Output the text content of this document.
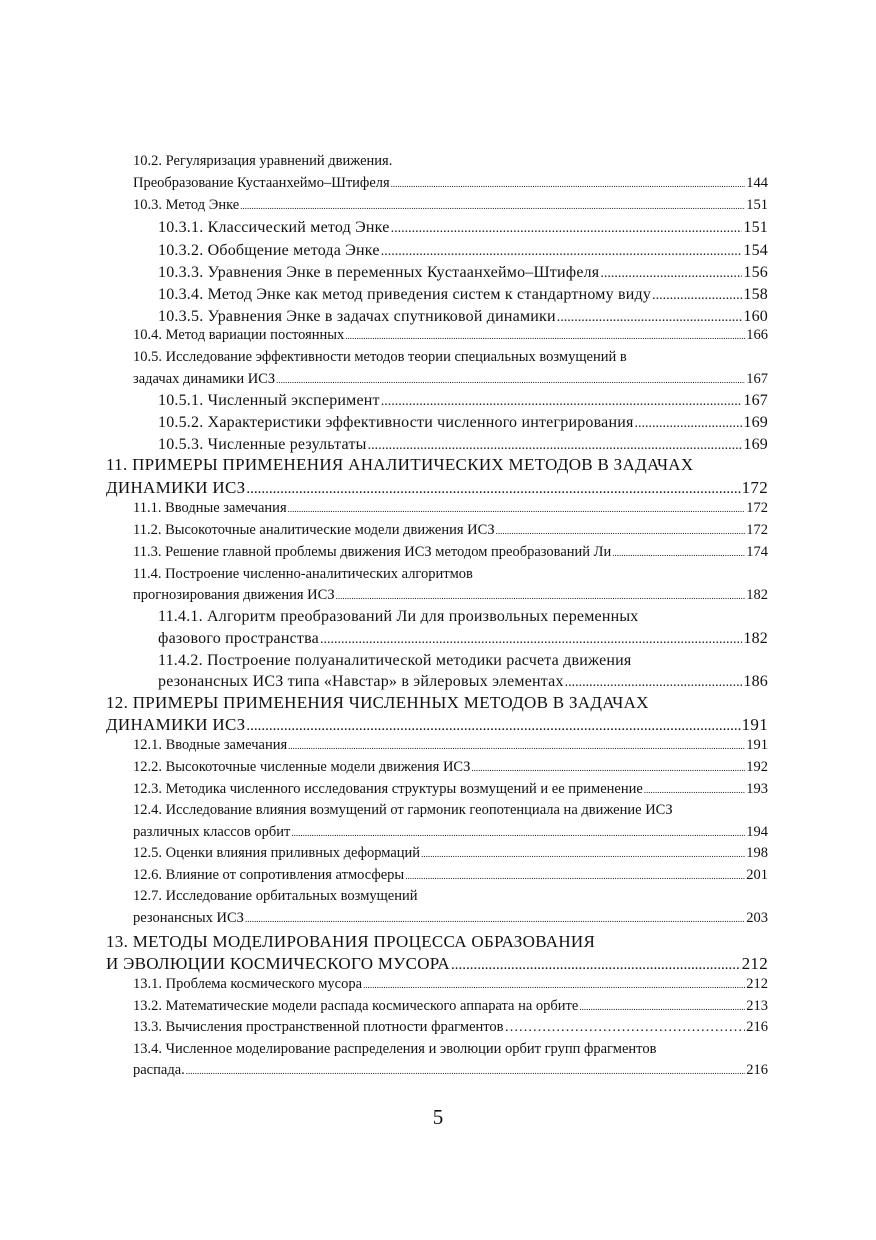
10.2. Регуляризация уравнений движения.
Преобразование Кустаанхеймо–Штифеля .....	144
10.3. Метод Энке .....	151
10.3.1. Классический метод Энке .....	151
10.3.2. Обобщение метода Энке .....	154
10.3.3. Уравнения Энке в переменных Кустаанхеймо–Штифеля .....	156
10.3.4. Метод Энке как метод приведения систем к стандартному виду .....	158
10.3.5. Уравнения Энке в задачах спутниковой динамики .....	160
10.4. Метод вариации постоянных .....	166
10.5. Исследование эффективности методов теории специальных возмущений в
задачах динамики ИСЗ .....	167
10.5.1. Численный эксперимент .....	167
10.5.2. Характеристики эффективности численного интегрирования .....	169
10.5.3. Численные результаты .....	169
11. ПРИМЕРЫ ПРИМЕНЕНИЯ АНАЛИТИЧЕСКИХ МЕТОДОВ В ЗАДАЧАХ
ДИНАМИКИ ИСЗ .....	172
11.1. Вводные замечания .....	172
11.2. Высокоточные аналитические модели движения ИСЗ .....	172
11.3. Решение главной проблемы движения ИСЗ методом преобразований Ли .....	174
11.4. Построение численно-аналитических алгоритмов
прогнозирования движения ИСЗ .....	182
11.4.1. Алгоритм преобразований Ли для произвольных переменных
фазового пространства .....	182
11.4.2. Построение полуаналитической методики расчета движения
резонансных ИСЗ типа «Навстар» в эйлеровых элементах .....	186
12. ПРИМЕРЫ ПРИМЕНЕНИЯ ЧИСЛЕННЫХ МЕТОДОВ В ЗАДАЧАХ
ДИНАМИКИ ИСЗ .....	191
12.1. Вводные замечания .....	191
12.2. Высокоточные численные модели движения ИСЗ .....	192
12.3. Методика численного исследования структуры возмущений и ее применение .....	193
12.4. Исследование влияния возмущений от гармоник геопотенциала на движение ИСЗ
различных классов орбит .....	194
12.5. Оценки влияния приливных деформаций .....	198
12.6. Влияние от сопротивления атмосферы .....	201
12.7. Исследование орбитальных возмущений
резонансных ИСЗ .....	203
13. МЕТОДЫ МОДЕЛИРОВАНИЯ ПРОЦЕССА ОБРАЗОВАНИЯ
И ЭВОЛЮЦИИ КОСМИЧЕСКОГО МУСОРА .....	212
13.1. Проблема космического мусора .....	212
13.2. Математические модели распада космического аппарата на орбите .....	213
13.3. Вычисления пространственной плотности фрагментов …………………………………………………………………………………………………………	216
13.4. Численное моделирование распределения и эволюции орбит групп фрагментов
распада. .....	216
5
